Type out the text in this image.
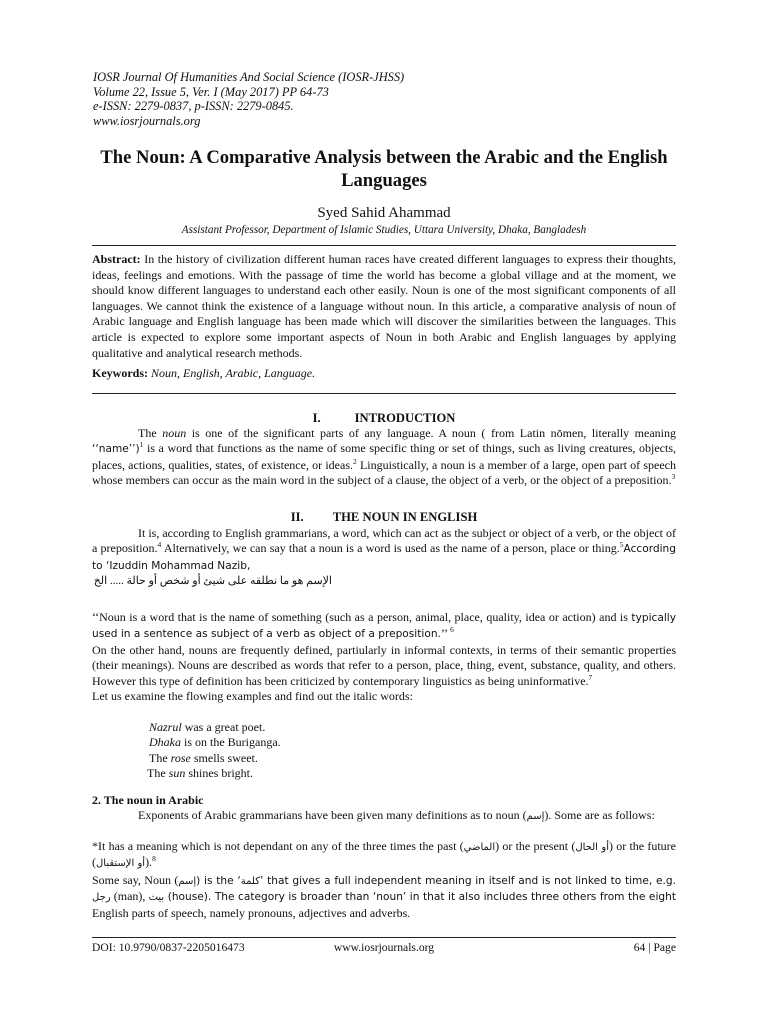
IOSR Journal Of Humanities And Social Science (IOSR-JHSS)
Volume 22, Issue 5, Ver. I (May 2017) PP 64-73
e-ISSN: 2279-0837, p-ISSN: 2279-0845.
www.iosrjournals.org
The Noun: A Comparative Analysis between the Arabic and the English Languages
Syed Sahid Ahammad
Assistant Professor, Department of Islamic Studies, Uttara University, Dhaka, Bangladesh
Abstract: In the history of civilization different human races have created different languages to express their thoughts, ideas, feelings and emotions. With the passage of time the world has become a global village and at the moment, we should know different languages to understand each other easily. Noun is one of the most significant components of all languages. We cannot think the existence of a language without noun. In this article, a comparative analysis of noun of Arabic language and English language has been made which will discover the similarities between the languages. This article is expected to explore some important aspects of Noun in both Arabic and English languages by applying qualitative and analytical research methods.
Keywords: Noun, English, Arabic, Language.
I.	INTRODUCTION
The noun is one of the significant parts of any language. A noun ( from Latin nōmen, literally meaning ‘‘name’’)$^1$ is a word that functions as the name of some specific thing or set of things, such as living creatures, objects, places, actions, qualities, states, of existence, or ideas.$^2$ Linguistically, a noun is a member of a large, open part of speech whose members can occur as the main word in the subject of a clause, the object of a verb, or the object of a preposition.$^3$
II. THE NOUN IN ENGLISH
It is, according to English grammarians, a word, which can act as the subject or object of a verb, or the object of a preposition.$^4$ Alternatively, we can say that a noun is a word is used as the name of a person, place or thing.$^5$According to ‘Izuddin Mohammad Nazib,
الإسم هو ما نطلقه على شيئ أو شخص أو حالة ..... الخ
‘‘Noun is a word that is the name of something (such as a person, animal, place, quality, idea or action) and is typically used in a sentence as subject of a verb as object of a preposition.’’ $^6$
On the other hand, nouns are frequently defined, partiularly in informal contexts, in terms of their semantic properties (their meanings). Nouns are described as words that refer to a person, place, thing, event, substance, quality, and others. However this type of definition has been criticized by contemporary linguistics as being uninformative.$^7$
Let us examine the flowing examples and find out the italic words:
Nazrul was a great poet.
Dhaka is on the Buriganga.
The rose smells sweet.
The sun shines bright.
2. The noun in Arabic
Exponents of Arabic grammarians have been given many definitions as to noun (إسم). Some are as follows:
*It has a meaning which is not dependant on any of the three times the past (الماضي) or the present (أو الحال) or the future (أو الإستقبال).$^8$
Some say, Noun (إسم) is the ‘كلمة’ that gives a full independent meaning in itself and is not linked to time, e.g. رجل (man), بيت (house). The category is broader than ‘noun’ in that it also includes three others from the eight English parts of speech, namely pronouns, adjectives and adverbs.
DOI: 10.9790/0837-2205016473	www.iosrjournals.org	64 | Page
